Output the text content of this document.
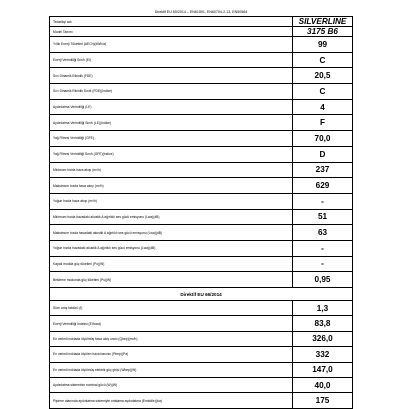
Direktif EU 65/2014 – EN61591, EN60704-2-13, EN50564
Tedarikçi adı	SILVERLINE
Model Tanımı	3175 B6
Yıllık Enerji Tüketimi (AECh)(kWh/a)	99
Enerji Verimliliği Sınıfı (EI)	C
Sıvı Dinamik Etkinlik (FDE)	20,5
Sıvı Dinamik Etkinlik Sınıfı (FDE)(Indice)	C
Aydınlatma Verimliliği (LE)	4
Aydınlatma Verimliliği Sınıfı (LE)(Indice)	F
Yağ Filtresi Verimliliği (GFE)	70,0
Yağ Filtresi Verimliliği Sınıfı (GFE)(Indice)	D
Minimum hızda hava akışı (m³/h)	237
Maksimum hızda hava akışı (m³/h)	629
Yoğun hızda hava akışı (m³/h)	-
Minimum hızda havadaki akustik A ağırlıklı ses gücü emisyonu (Lwa)(dB)	51
Maksimum hızda havadaki akustik A ağırlıklı ses gücü emisyonu (Lwa)(dB)	63
Yoğun hızda havadaki akustik A ağırlıklı ses gücü emisyonu (Lwa)(dB)	-
Kapalı modda güç tüketimi (Po)(W)	-
Bekleme modunda güç tüketimi (Ps)(W)	0,95
Direktif EU 66/2014	
Süre artış faktörü (f)	1,3
Enerji Verimliliği İndeksi (EIhood)	83,8
En verimli noktada ölçülmüş hava akış oranı (Qbep)(m³/h)	326,0
En verimli noktada ölçülen hava basıncı (Pbep)(Pa)	332
En verimli noktada ölçülmüş elektrik güç girişi (Wbep)(W)	147,0
Aydınlatma sisteminin nominal gücü (W)(W)	40,0
Pişirme alanında aydınlatma sistemiyle ortalama aydınlatma (Emiddle)(lux)	175
